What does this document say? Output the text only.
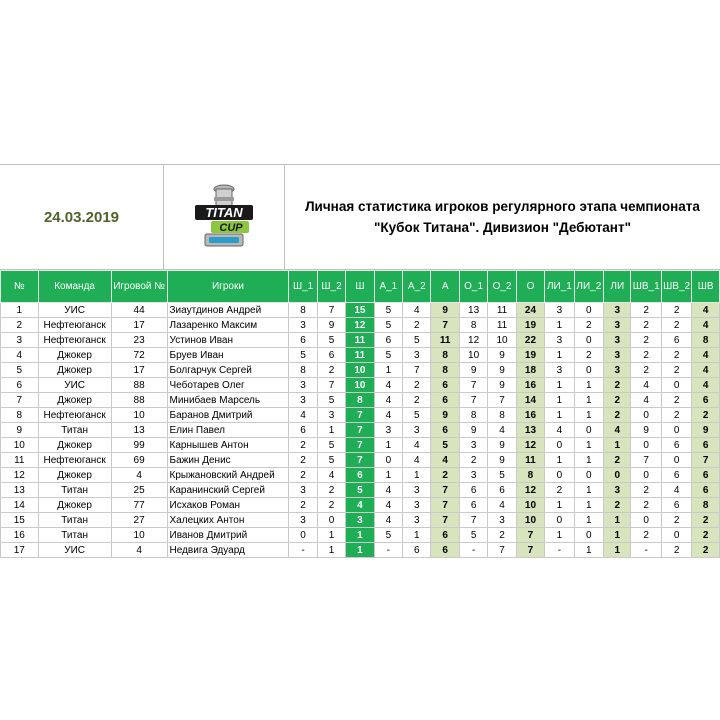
24.03.2019	TITAN
CUP
Личная статистика игроков регулярного этапа чемпионата
"Кубок Титана". Дивизион "Дебютант"
№	Команда	Игровой №	Игроки	Ш_1	Ш_2	Ш	А_1	А_2	А	О_1	О_2	О	ЛИ_1	ЛИ_2	ЛИ	ШВ_1	ШВ_2	ШВ
1	УИС	44	Зиаутдинов Андрей	8	7	15	5	4	9	13	11	24	3	0	3	2	2	4
2	Нефтеюганск	17	Лазаренко Максим	3	9	12	5	2	7	8	11	19	1	2	3	2	2	4
3	Нефтеюганск	23	Устинов Иван	6	5	11	6	5	11	12	10	22	3	0	3	2	6	8
4	Джокер	72	Бруев Иван	5	6	11	5	3	8	10	9	19	1	2	3	2	2	4
5	Джокер	17	Болгарчук Сергей	8	2	10	1	7	8	9	9	18	3	0	3	2	2	4
6	УИС	88	Чеботарев Олег	3	7	10	4	2	6	7	9	16	1	1	2	4	0	4
7	Джокер	88	Минибаев Марсель	3	5	8	4	2	6	7	7	14	1	1	2	4	2	6
8	Нефтеюганск	10	Баранов Дмитрий	4	3	7	4	5	9	8	8	16	1	1	2	0	2	2
9	Титан	13	Елин Павел	6	1	7	3	3	6	9	4	13	4	0	4	9	0	9
10	Джокер	99	Карнышев Антон	2	5	7	1	4	5	3	9	12	0	1	1	0	6	6
11	Нефтеюганск	69	Бажин Денис	2	5	7	0	4	4	2	9	11	1	1	2	7	0	7
12	Джокер	4	Крыжановский Андрей	2	4	6	1	1	2	3	5	8	0	0	0	0	6	6
13	Титан	25	Каранинский Сергей	3	2	5	4	3	7	6	6	12	2	1	3	2	4	6
14	Джокер	77	Исхаков Роман	2	2	4	4	3	7	6	4	10	1	1	2	2	6	8
15	Титан	27	Халецких Антон	3	0	3	4	3	7	7	3	10	0	1	1	0	2	2
16	Титан	10	Иванов Дмитрий	0	1	1	5	1	6	5	2	7	1	0	1	2	0	2
17	УИС	4	Недвига Эдуард	-	1	1	-	6	6	-	7	7	-	1	1	-	2	2
